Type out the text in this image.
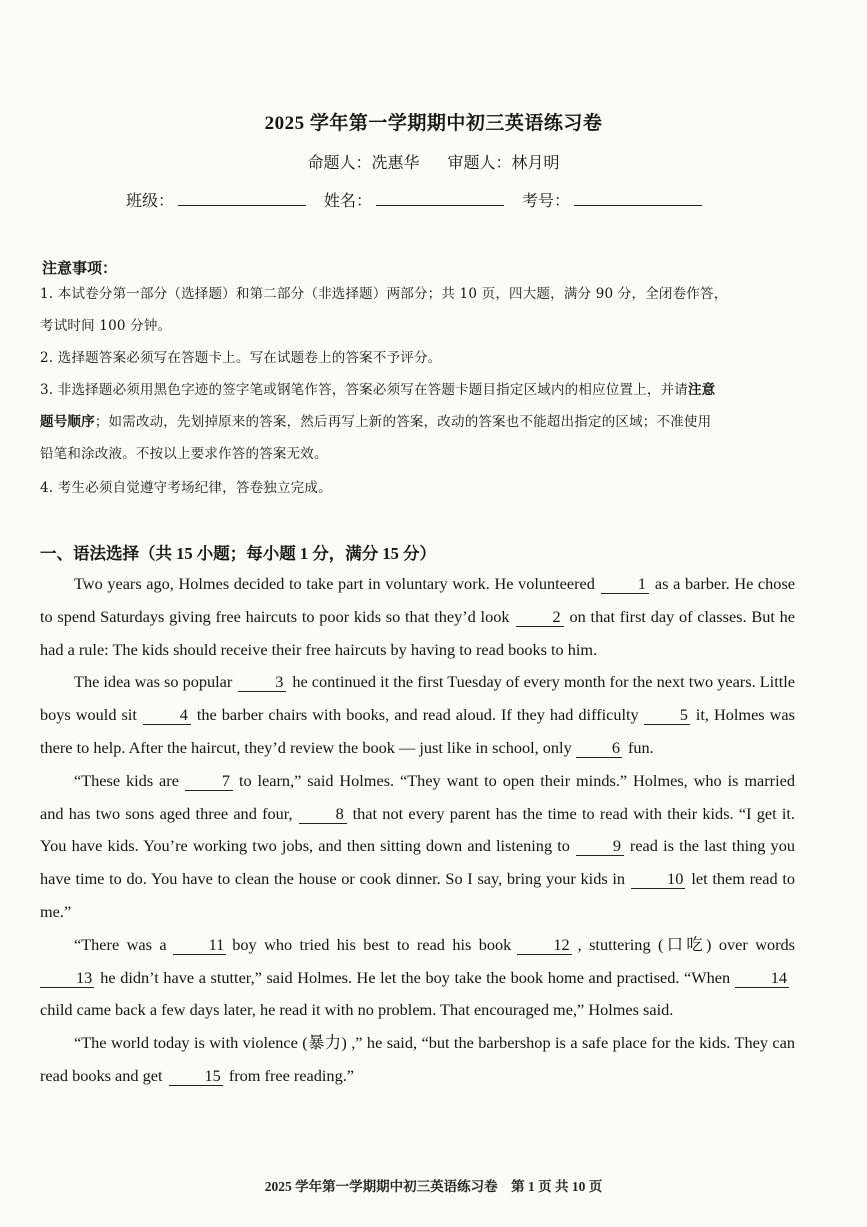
2025 学年第一学期期中初三英语练习卷
命题人：冼惠华 审题人：林月明
班级：	姓名：	考号：
注意事项：
1. 本试卷分第一部分（选择题）和第二部分（非选择题）两部分；共 10 页，四大题，满分 90 分，全闭卷作答，
考试时间 100 分钟。
2. 选择题答案必须写在答题卡上。写在试题卷上的答案不予评分。
3. 非选择题必须用黑色字迹的签字笔或钢笔作答，答案必须写在答题卡题目指定区域内的相应位置上，并请注意
题号顺序；如需改动，先划掉原来的答案，然后再写上新的答案，改动的答案也不能超出指定的区域；不准使用
铅笔和涂改液。不按以上要求作答的答案无效。
4. 考生必须自觉遵守考场纪律，答卷独立完成。
一、语法选择（共 15 小题；每小题 1 分，满分 15 分）

Two years ago, Holmes decided to take part in voluntary work. He volunteered	1 as a barber. He chose to spend Saturdays giving free haircuts to poor kids so that they’d look	2 on that first day of classes. But he had a rule: The kids should receive their free haircuts by having to read books to him.

The idea was so popular	3 he continued it the first Tuesday of every month for the next two years. Little boys would sit	4 the barber chairs with books, and read aloud. If they had difficulty	5 it, Holmes was there to help. After the haircut, they’d review the book — just like in school, only 6 fun.

“These kids are	7 to learn,” said Holmes. “They want to open their minds.” Holmes, who is married and has two sons aged three and four,	8 that not every parent has the time to read with their kids. “I get it. You have kids. You’re working two jobs, and then sitting down and listening to	9 read is the last thing you have time to do. You have to clean the house or cook dinner. So I say, bring your kids in	10 let them read to me.”

“There was a	11 boy who tried his best to read his book	12 , stuttering (口吃) over words 13 he didn’t have a stutter,” said Holmes. He let the boy take the book home and practised. “When 14child came back a few days later, he read it with no problem. That encouraged me,” Holmes said.

“The world today is with violence (暴力) ,” he said, “but the barbershop is a safe place for the kids. They can read books and get	15 from free reading.”

2025 学年第一学期期中初三英语练习卷　第 1 页 共 10 页
